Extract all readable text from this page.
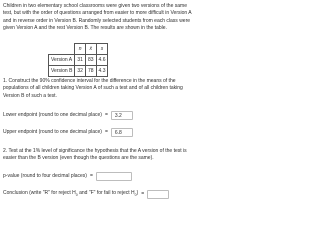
Children in two elementary school classrooms were given two versions of the same test, but with the order of questions arranged from easier to more difficult in Version A and in reverse order in Version B. Randomly selected students from each class were given Version A and the rest Version B. The results are shown in the table.
	n	x̄	s
Version A	31	83	4.6
Version B	32	78	4.3
1. Construct the 90% confidence interval for the difference in the means of the populations of all children taking Version A of such a test and of all children taking Version B of such a test.
Lower endpoint (round to one decimal place) =	3.2
Upper endpoint (round to one decimal place) =	6.8
2. Test at the 1% level of significance the hypothesis that the A version of the test is easier than the B version (even though the questions are the same).
p-value (round to four decimal places) =
Conclusion (write "R" for reject $H_0$ and "F" for fail to reject $H_0$) =
